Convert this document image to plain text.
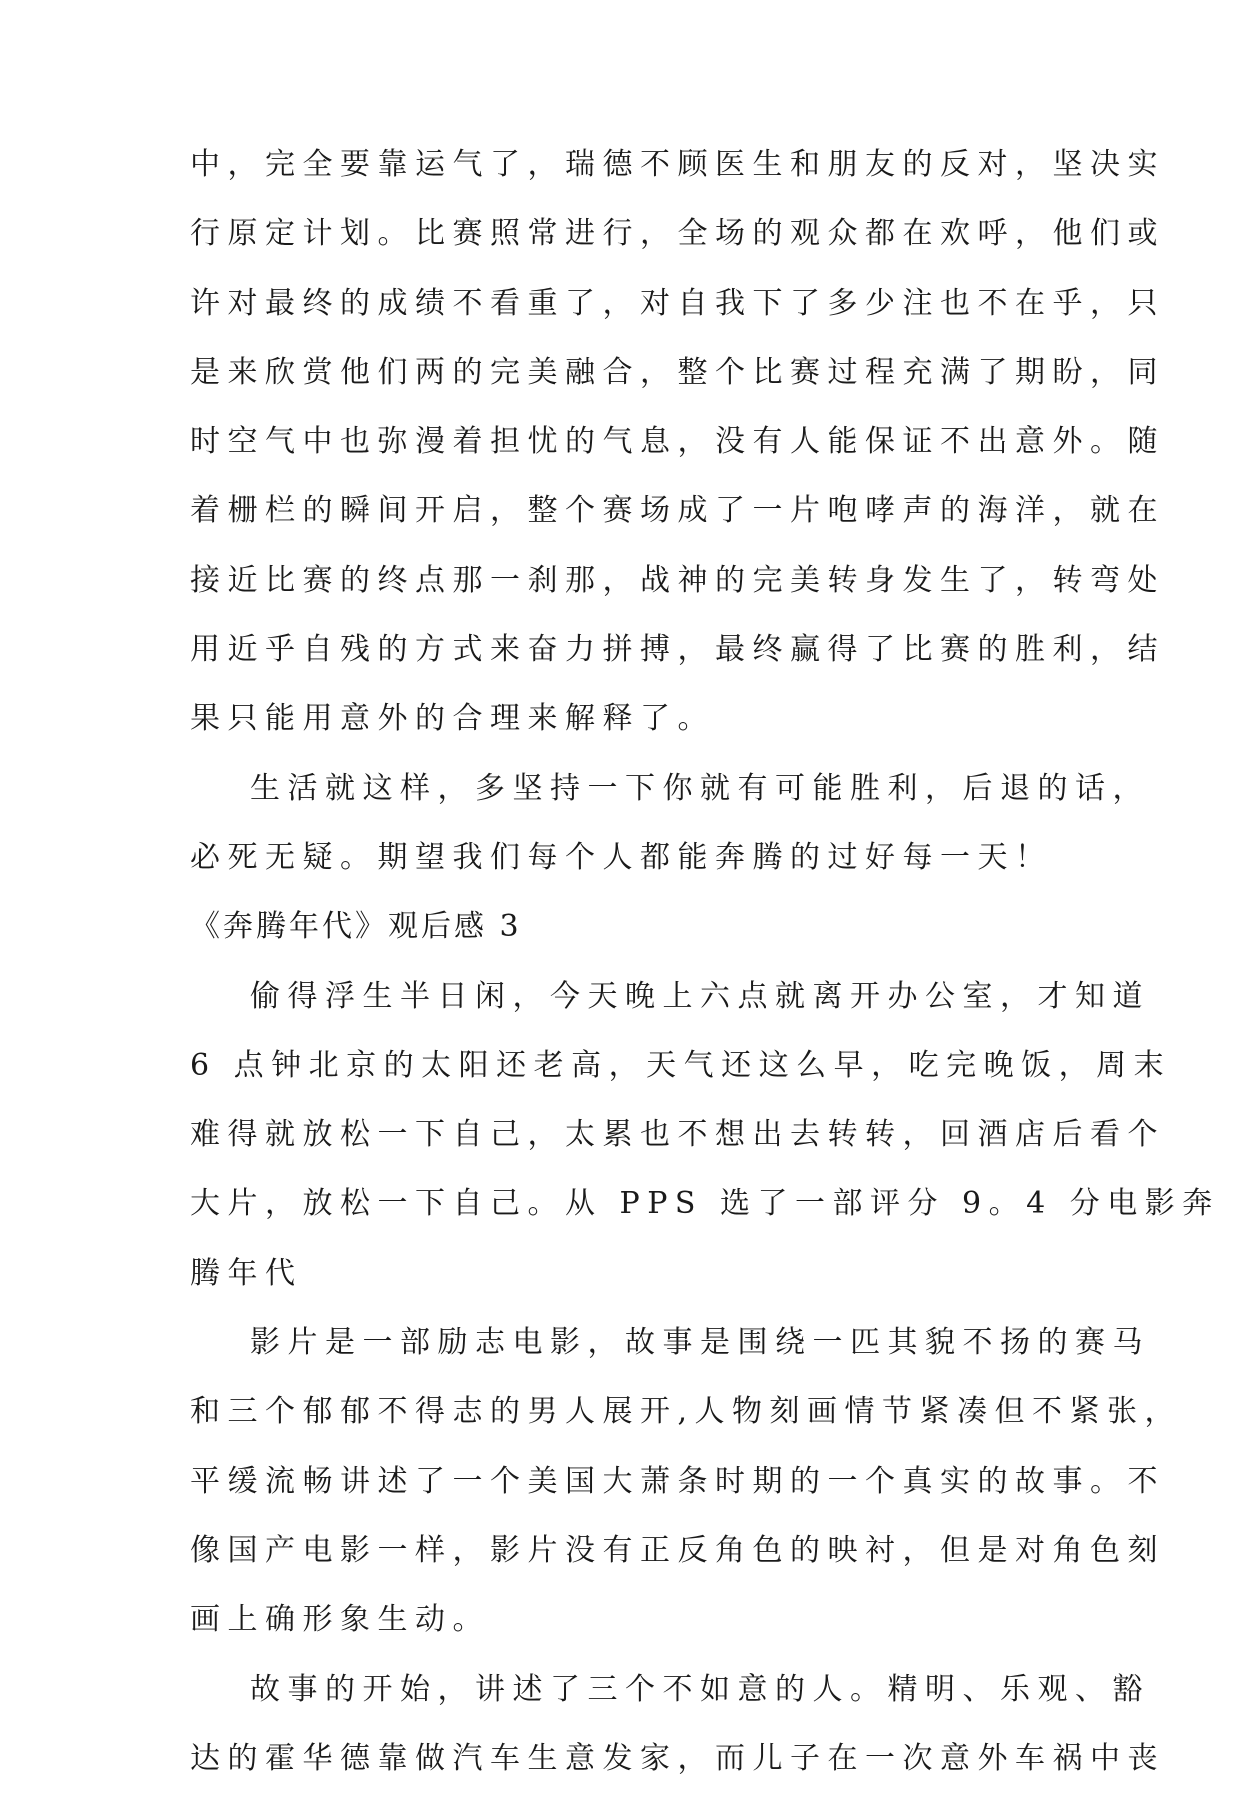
中，完全要靠运气了，瑞德不顾医生和朋友的反对，坚决实
行原定计划。比赛照常进行，全场的观众都在欢呼，他们或
许对最终的成绩不看重了，对自我下了多少注也不在乎，只
是来欣赏他们两的完美融合，整个比赛过程充满了期盼，同
时空气中也弥漫着担忧的气息，没有人能保证不出意外。随
着栅栏的瞬间开启，整个赛场成了一片咆哮声的海洋，就在
接近比赛的终点那一刹那，战神的完美转身发生了，转弯处
用近乎自残的方式来奋力拼搏，最终赢得了比赛的胜利，结
果只能用意外的合理来解释了。
生活就这样，多坚持一下你就有可能胜利，后退的话，
必死无疑。期望我们每个人都能奔腾的过好每一天！
《奔腾年代》观后感 3
偷得浮生半日闲，今天晚上六点就离开办公室，才知道
6 点钟北京的太阳还老高，天气还这么早，吃完晚饭，周末
难得就放松一下自己，太累也不想出去转转，回酒店后看个
大片，放松一下自己。从 PPS 选了一部评分 9。4 分电影奔
腾年代
影片是一部励志电影，故事是围绕一匹其貌不扬的赛马
和三个郁郁不得志的男人展开,人物刻画情节紧凑但不紧张，
平缓流畅讲述了一个美国大萧条时期的一个真实的故事。不
像国产电影一样，影片没有正反角色的映衬，但是对角色刻
画上确形象生动。
故事的开始，讲述了三个不如意的人。精明、乐观、豁
达的霍华德靠做汽车生意发家，而儿子在一次意外车祸中丧
